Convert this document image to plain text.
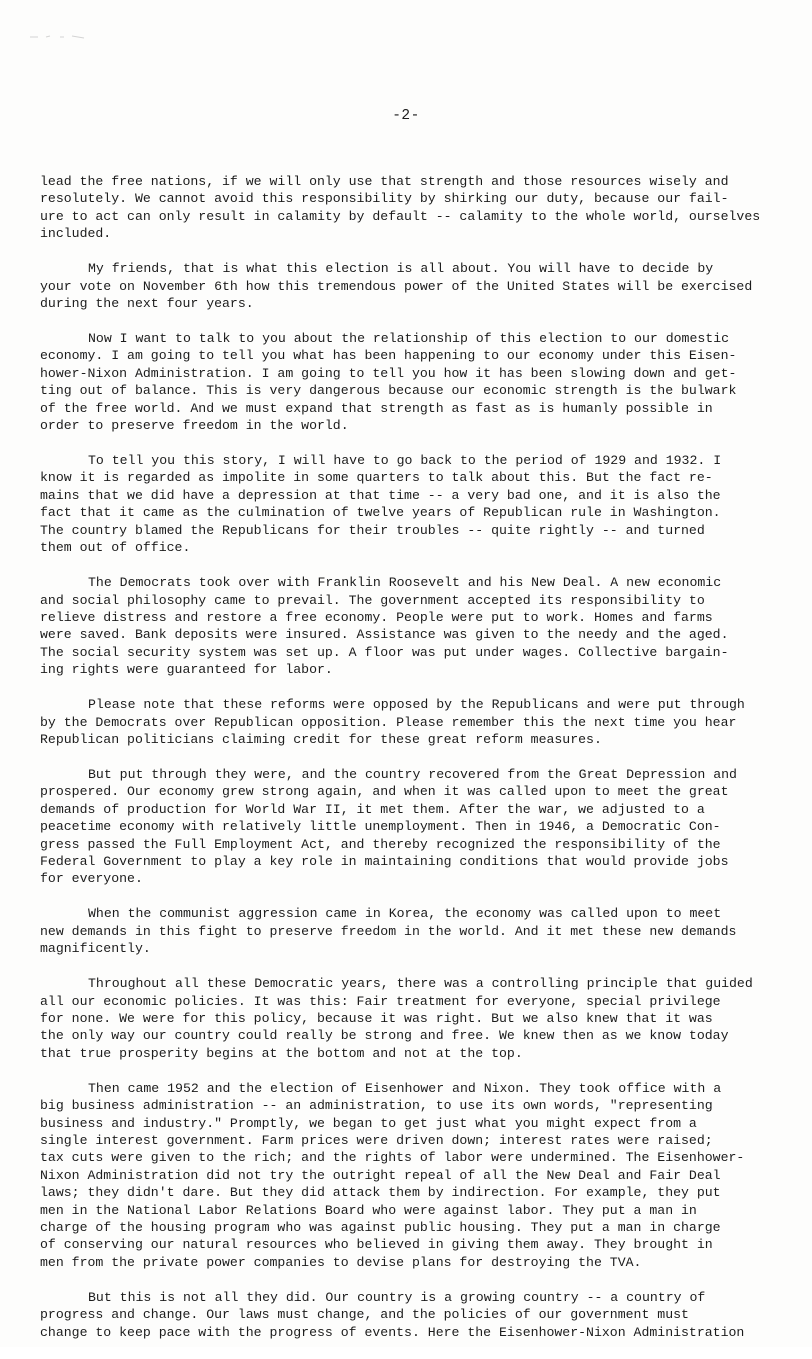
-2-
lead the free nations, if we will only use that strength and those resources wisely and
resolutely. We cannot avoid this responsibility by shirking our duty, because our fail-
ure to act can only result in calamity by default -- calamity to the whole world, ourselves
included.
My friends, that is what this election is all about. You will have to decide by
your vote on November 6th how this tremendous power of the United States will be exercised
during the next four years.
Now I want to talk to you about the relationship of this election to our domestic
economy. I am going to tell you what has been happening to our economy under this Eisen-
hower-Nixon Administration. I am going to tell you how it has been slowing down and get-
ting out of balance. This is very dangerous because our economic strength is the bulwark
of the free world. And we must expand that strength as fast as is humanly possible in
order to preserve freedom in the world.
To tell you this story, I will have to go back to the period of 1929 and 1932. I
know it is regarded as impolite in some quarters to talk about this. But the fact re-
mains that we did have a depression at that time -- a very bad one, and it is also the
fact that it came as the culmination of twelve years of Republican rule in Washington.
The country blamed the Republicans for their troubles -- quite rightly -- and turned
them out of office.
The Democrats took over with Franklin Roosevelt and his New Deal. A new economic
and social philosophy came to prevail. The government accepted its responsibility to
relieve distress and restore a free economy. People were put to work. Homes and farms
were saved. Bank deposits were insured. Assistance was given to the needy and the aged.
The social security system was set up. A floor was put under wages. Collective bargain-
ing rights were guaranteed for labor.
Please note that these reforms were opposed by the Republicans and were put through
by the Democrats over Republican opposition. Please remember this the next time you hear
Republican politicians claiming credit for these great reform measures.
But put through they were, and the country recovered from the Great Depression and
prospered. Our economy grew strong again, and when it was called upon to meet the great
demands of production for World War II, it met them. After the war, we adjusted to a
peacetime economy with relatively little unemployment. Then in 1946, a Democratic Con-
gress passed the Full Employment Act, and thereby recognized the responsibility of the
Federal Government to play a key role in maintaining conditions that would provide jobs
for everyone.
When the communist aggression came in Korea, the economy was called upon to meet
new demands in this fight to preserve freedom in the world. And it met these new demands
magnificently.
Throughout all these Democratic years, there was a controlling principle that guided
all our economic policies. It was this: Fair treatment for everyone, special privilege
for none. We were for this policy, because it was right. But we also knew that it was
the only way our country could really be strong and free. We knew then as we know today
that true prosperity begins at the bottom and not at the top.
Then came 1952 and the election of Eisenhower and Nixon. They took office with a
big business administration -- an administration, to use its own words, "representing
business and industry." Promptly, we began to get just what you might expect from a
single interest government. Farm prices were driven down; interest rates were raised;
tax cuts were given to the rich; and the rights of labor were undermined. The Eisenhower-
Nixon Administration did not try the outright repeal of all the New Deal and Fair Deal
laws; they didn't dare. But they did attack them by indirection. For example, they put
men in the National Labor Relations Board who were against labor. They put a man in
charge of the housing program who was against public housing. They put a man in charge
of conserving our natural resources who believed in giving them away. They brought in
men from the private power companies to devise plans for destroying the TVA.
But this is not all they did. Our country is a growing country -- a country of
progress and change. Our laws must change, and the policies of our government must
change to keep pace with the progress of events. Here the Eisenhower-Nixon Administration
